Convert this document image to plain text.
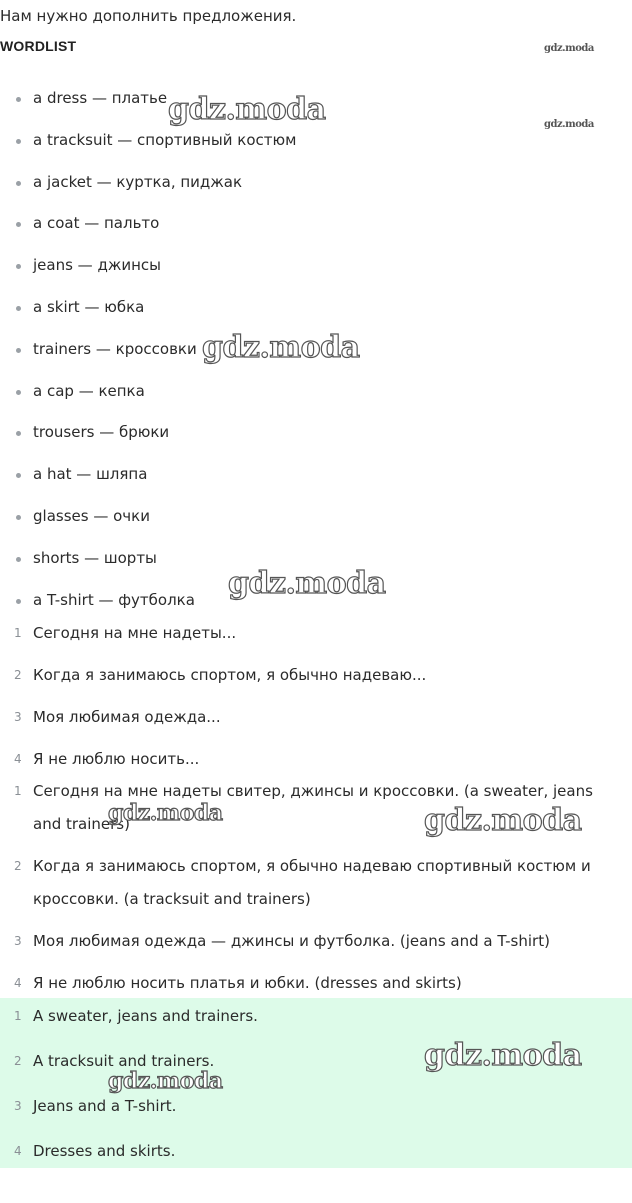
Нам нужно дополнить предложения.

WORDLIST
a dress — платье
a tracksuit — спортивный костюм
a jacket — куртка, пиджак
a coat — пальто
jeans — джинсы
a skirt — юбка
trainers — кроссовки
a cap — кепка
trousers — брюки
a hat — шляпа
glasses — очки
shorts — шорты
a T-shirt — футболка
1 Сегодня на мне надеты...
2 Когда я занимаюсь спортом, я обычно надеваю...
3 Моя любимая одежда...
4 Я не люблю носить...
1 Сегодня на мне надеты свитер, джинсы и кроссовки. (a sweater, jeans and trainers)
2 Когда я занимаюсь спортом, я обычно надеваю спортивный костюм и кроссовки. (a tracksuit and trainers)
3 Моя любимая одежда — джинсы и футболка. (jeans and a T-shirt)
4 Я не люблю носить платья и юбки. (dresses and skirts)
1 A sweater, jeans and trainers.
2 A tracksuit and trainers.
3 Jeans and a T-shirt.
4 Dresses and skirts.
gdz.moda
gdz.moda
gdz.moda
gdz.moda
gdz.moda
gdz.moda	gdz.moda
gdz.moda
gdz.moda
